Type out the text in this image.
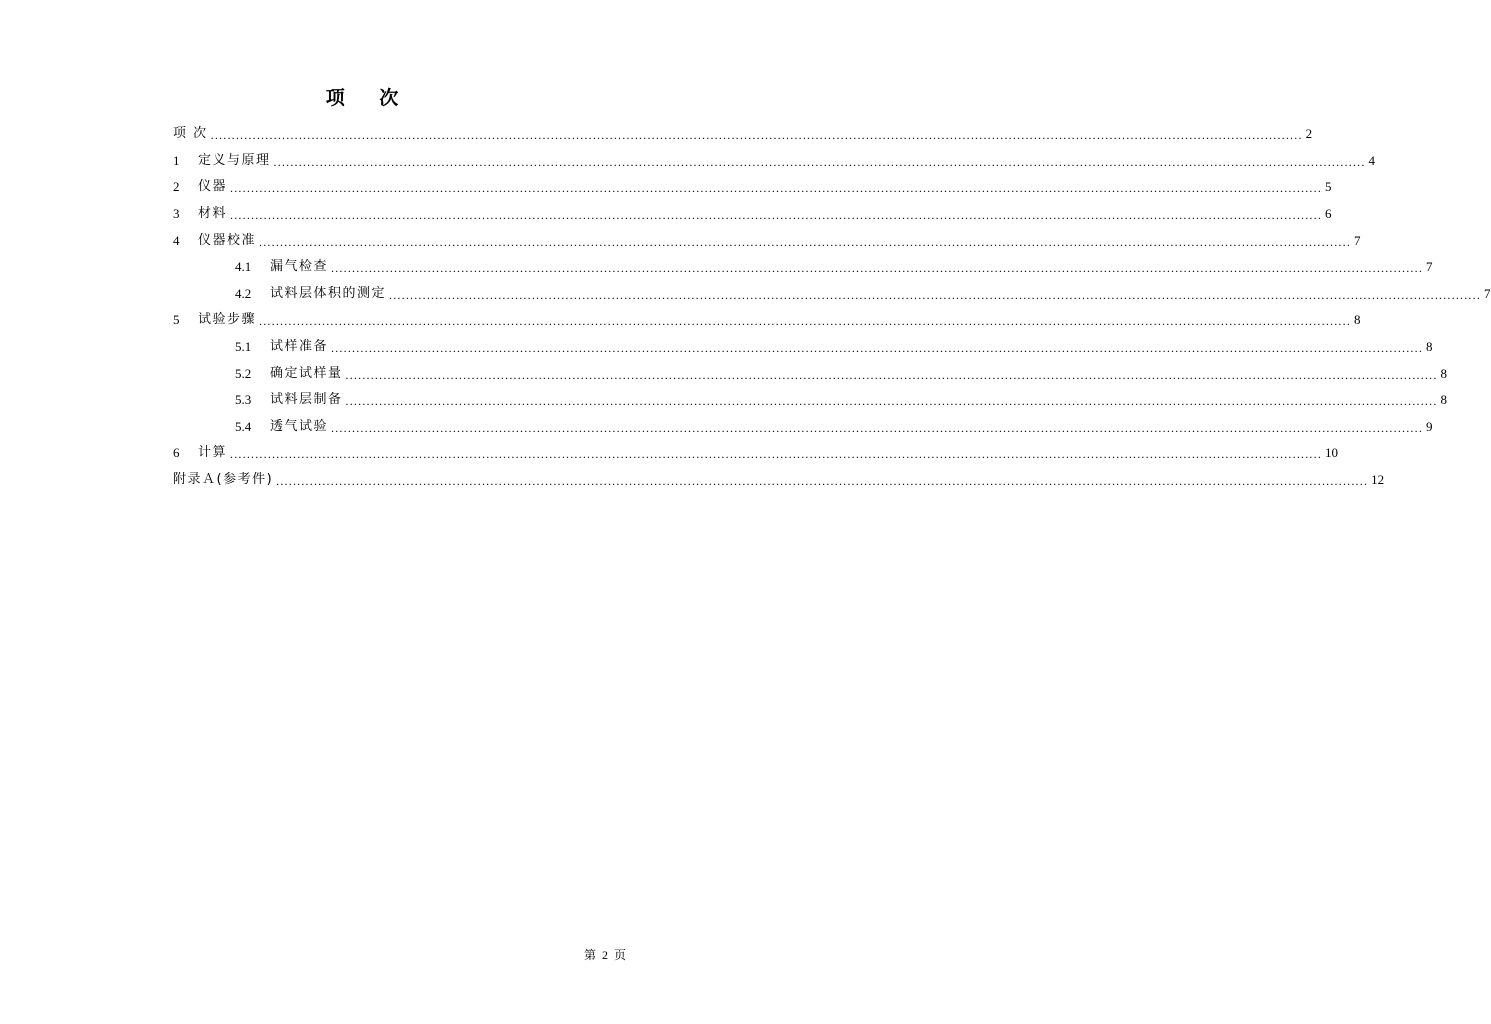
项 次
项 次 .................................................................................................................................................................................................................................................................... 2
1	定义与原理 .................................................................................................................................................................................................................................................................... 4
2	仪器 .................................................................................................................................................................................................................................................................... 5
3	材料 .................................................................................................................................................................................................................................................................... 6
4	仪器校准 .................................................................................................................................................................................................................................................................... 7
4.1	漏气检查 .................................................................................................................................................................................................................................................................... 7
4.2	试料层体积的测定 .................................................................................................................................................................................................................................................................... 7
5	试验步骤 .................................................................................................................................................................................................................................................................... 8
5.1	试样准备 .................................................................................................................................................................................................................................................................... 8
5.2	确定试样量 .................................................................................................................................................................................................................................................................... 8
5.3	试料层制备 .................................................................................................................................................................................................................................................................... 8
5.4	透气试验 .................................................................................................................................................................................................................................................................... 9
6	计算 .................................................................................................................................................................................................................................................................... 10
附录Ａ(参考件) .................................................................................................................................................................................................................................................................... 12
第 2 页
